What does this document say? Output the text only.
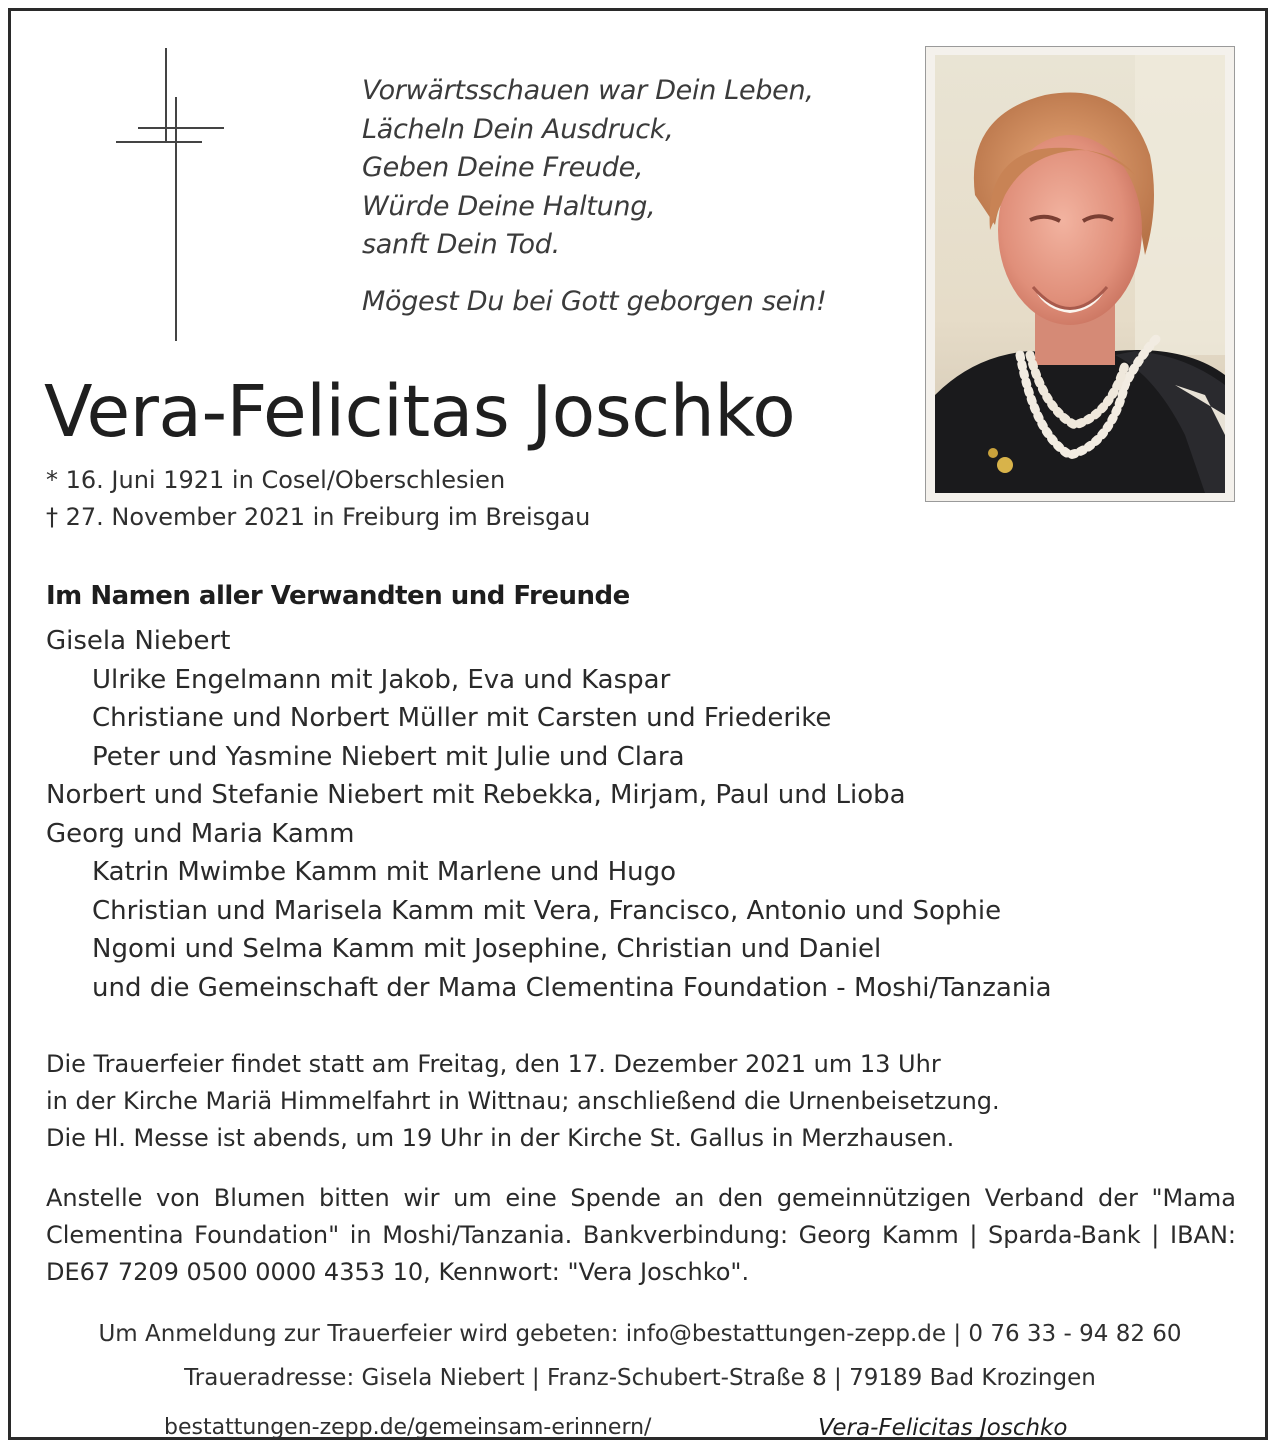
Vorwärtsschauen war Dein Leben,
Lächeln Dein Ausdruck,
Geben Deine Freude,
Würde Deine Haltung,
sanft Dein Tod.
Mögest Du bei Gott geborgen sein!
Vera-Felicitas Joschko
* 16. Juni 1921 in Cosel/Oberschlesien
† 27. November 2021 in Freiburg im Breisgau
Im Namen aller Verwandten und Freunde
Gisela Niebert
Ulrike Engelmann mit Jakob, Eva und Kaspar
Christiane und Norbert Müller mit Carsten und Friederike
Peter und Yasmine Niebert mit Julie und Clara
Norbert und Stefanie Niebert mit Rebekka, Mirjam, Paul und Lioba
Georg und Maria Kamm
Katrin Mwimbe Kamm mit Marlene und Hugo
Christian und Marisela Kamm mit Vera, Francisco, Antonio und Sophie
Ngomi und Selma Kamm mit Josephine, Christian und Daniel
und die Gemeinschaft der Mama Clementina Foundation - Moshi/Tanzania
Die Trauerfeier findet statt am Freitag, den 17. Dezember 2021 um 13 Uhr
in der Kirche Mariä Himmelfahrt in Wittnau; anschließend die Urnenbeisetzung.
Die Hl. Messe ist abends, um 19 Uhr in der Kirche St. Gallus in Merzhausen.
Anstelle von Blumen bitten wir um eine Spende an den gemeinnützigen Verband der "Mama Clementina Foundation" in Moshi/Tanzania. Bankverbindung: Georg Kamm | Sparda-Bank | IBAN: DE67 7209 0500 0000 4353 10, Kennwort: "Vera Joschko".
Um Anmeldung zur Trauerfeier wird gebeten: info@bestattungen-zepp.de | 0 76 33 - 94 82 60
Traueradresse: Gisela Niebert | Franz-Schubert-Straße 8 | 79189 Bad Krozingen
bestattungen-zepp.de/gemeinsam-erinnern/	Vera-Felicitas Joschko
